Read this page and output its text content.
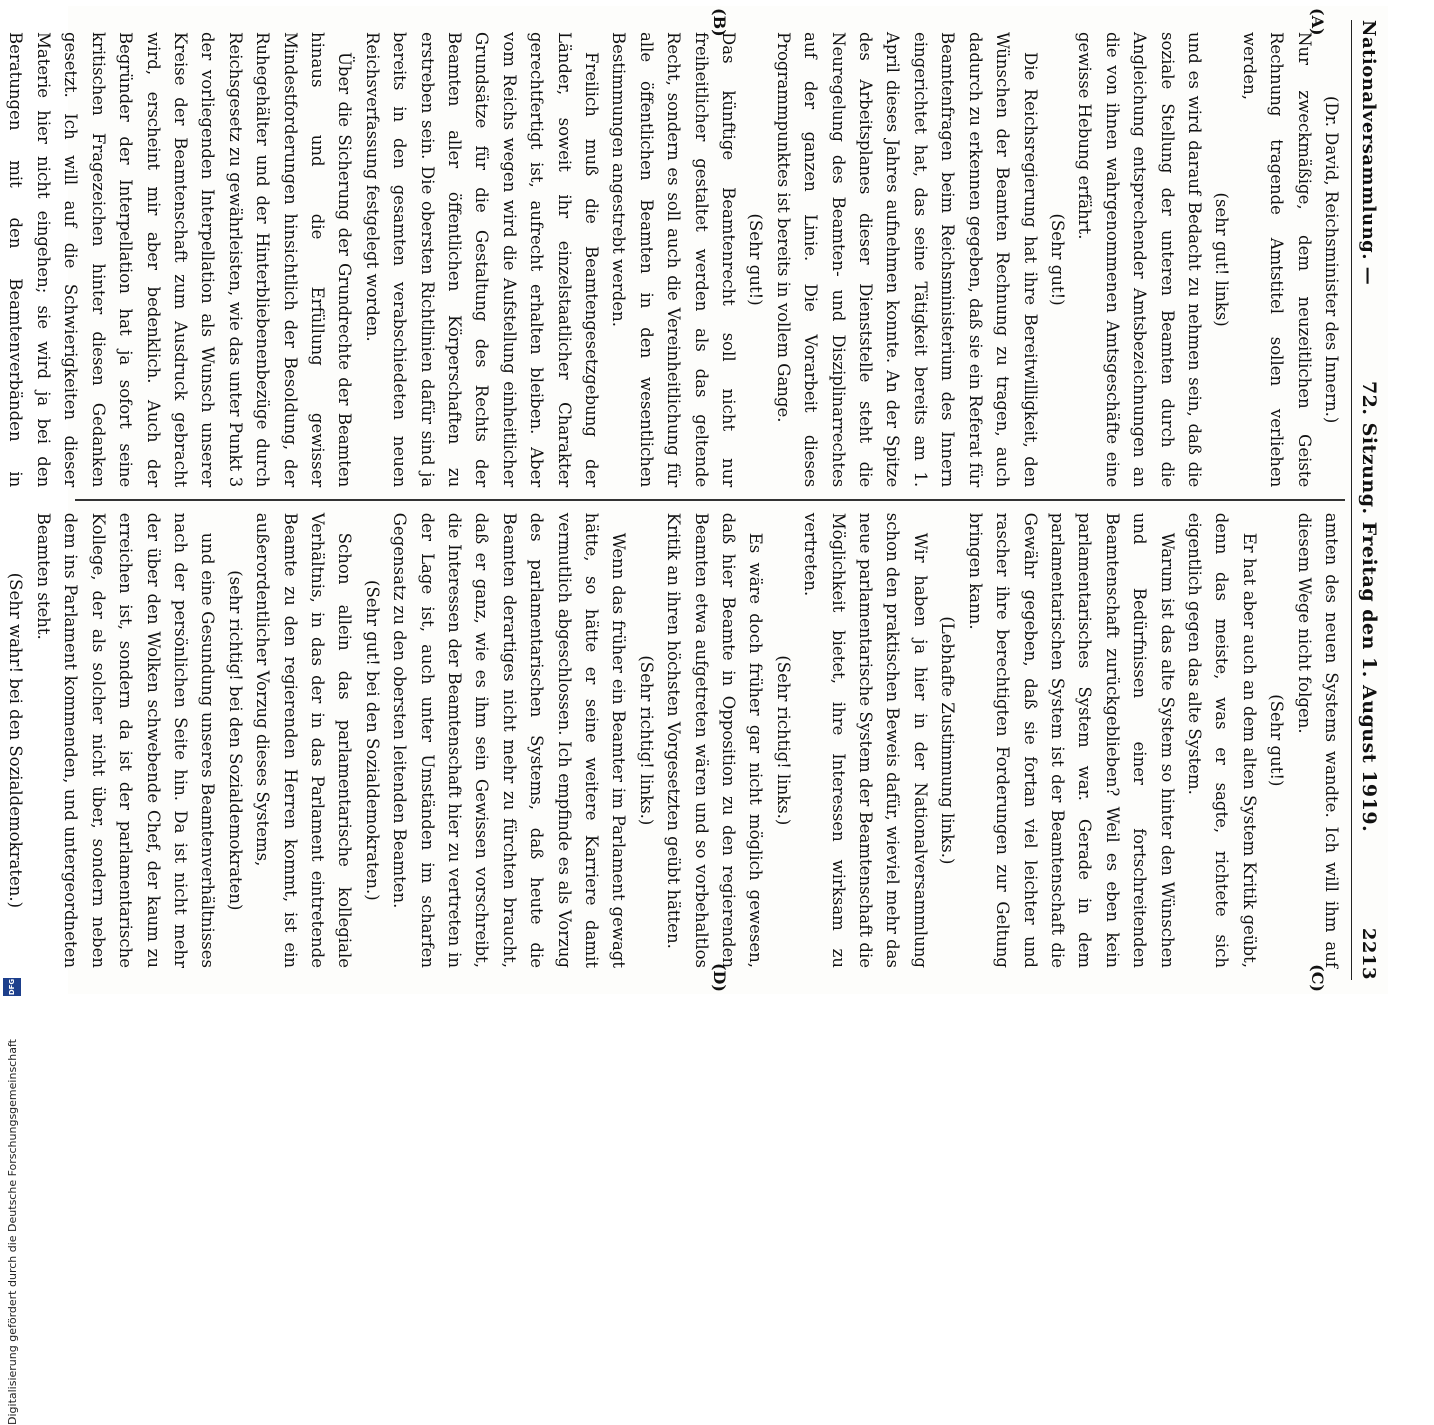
Nationalversammlung. —
72. Sitzung. Freitag den 1. August 1919.
2213
(A)
(B)

(Dr. David, Reichsminister des Innern.)

Nur zweckmäßige, dem neuzeitlichen Geiste Rechnung tragende Amtstitel sollen verliehen werden,

(sehr gut! links)

und es wird darauf Bedacht zu nehmen sein, daß die soziale Stellung der unteren Beamten durch die Angleichung entsprechender Amtsbezeichnungen an die von ihnen wahrgenommenen Amtsgeschäfte eine gewisse Hebung erfährt.

(Sehr gut!)

Die Reichsregierung hat ihre Bereitwilligkeit, den Wünschen der Beamten Rechnung zu tragen, auch dadurch zu erkennen gegeben, daß sie ein Referat für Beamtenfragen beim Reichsministerium des Innern eingerichtet hat, das seine Tätigkeit bereits am 1. April dieses Jahres aufnehmen konnte. An der Spitze des Arbeitsplanes dieser Dienststelle steht die Neuregelung des Beamten- und Disziplinarrechtes auf der ganzen Linie. Die Vorarbeit dieses Programmpunktes ist bereits in vollem Gange.

(Sehr gut!)

Das künftige Beamtenrecht soll nicht nur freiheitlicher gestaltet werden als das geltende Recht, sondern es soll auch die Vereinheitlichung für alle öffentlichen Beamten in den wesentlichen Bestimmungen angestrebt werden.

Freilich muß die Beamtengesetzgebung der Länder, soweit ihr einzelstaatlicher Charakter gerechtfertigt ist, aufrecht erhalten bleiben. Aber vom Reichs wegen wird die Aufstellung einheitlicher Grundsätze für die Gestaltung des Rechts der Beamten aller öffentlichen Körperschaften zu erstreben sein. Die obersten Richtlinien dafür sind ja bereits in den gesamten verabschiedeten neuen Reichsverfassung festgelegt worden.

Über die Sicherung der Grundrechte der Beamten hinaus und die Erfüllung gewisser Mindestforderungen hinsichtlich der Besoldung, der Ruhegehälter und der Hinterbliebenenbezüge durch Reichsgesetz zu gewährleisten, wie das unter Punkt 3 der vorliegenden Interpellation als Wunsch unserer Kreise der Beamtenschaft zum Ausdruck gebracht wird, erscheint mir aber bedenklich. Auch der Begründer der Interpellation hat ja sofort seine kritischen Fragezeichen hinter diesen Gedanken gesetzt. Ich will auf die Schwierigkeiten dieser Materie hier nicht eingehen; sie wird ja bei den Beratungen mit den Beamtenverbänden in

amten des neuen Systems wandte. Ich will ihm auf diesem Wege nicht folgen.

(Sehr gut!)

Er hat aber auch an dem alten System Kritik geübt, denn das meiste, was er sagte, richtete sich eigentlich gegen das alte System.

Warum ist das alte System so hinter den Wünschen und Bedürfnissen einer fortschreitenden Beamtenschaft zurückgeblieben? Weil es eben kein parlamentarisches System war. Gerade in dem parlamentarischen System ist der Beamtenschaft die Gewähr gegeben, daß sie fortan viel leichter und rascher ihre berechtigten Forderungen zur Geltung bringen kann.

(Lebhafte Zustimmung links.)

Wir haben ja hier in der Nationalversammlung schon den praktischen Beweis dafür, wieviel mehr das neue parlamentarische System der Beamtenschaft die Möglichkeit bietet, ihre Interessen wirksam zu vertreten.

(Sehr richtig! links.)

Es wäre doch früher gar nicht möglich gewesen, daß hier Beamte in Opposition zu den regierenden Beamten etwa aufgetreten wären und so vorbehaltlos Kritik an ihren höchsten Vorgesetzten geübt hätten.

(Sehr richtig! links.)

Wenn das früher ein Beamter im Parlament gewagt hätte, so hätte er seine weitere Karriere damit vermutlich abgeschlossen. Ich empfinde es als Vorzug des parlamentarischen Systems, daß heute die Beamten derartiges nicht mehr zu fürchten braucht, daß er ganz, wie es ihm sein Gewissen vorschreibt, die Interessen der Beamtenschaft hier zu vertreten in der Lage ist, auch unter Umständen im scharfen Gegensatz zu den obersten leitenden Beamten.

(Sehr gut! bei den Sozialdemokraten.)

Schon allein das parlamentarische kollegiale Verhältnis, in das der in das Parlament eintretende Beamte zu den regierenden Herren kommt, ist ein außerordentlicher Vorzug dieses Systems,

(sehr richtig! bei den Sozialdemokraten)

und eine Gesundung unseres Beamtenverhältnisses nach der persönlichen Seite hin. Da ist nicht mehr der über den Wolken schwebende Chef, der kaum zu erreichen ist, sondern da ist der parlamentarische Kollege, der als solcher nicht über, sondern neben dem ins Parlament kommenden, und untergeordneten Beamten steht.

(Sehr wahr! bei den Sozialdemokraten.)

(C)
(D)
Digitalisierung gefördert durch die Deutsche Forschungsgemeinschaft
DFG
